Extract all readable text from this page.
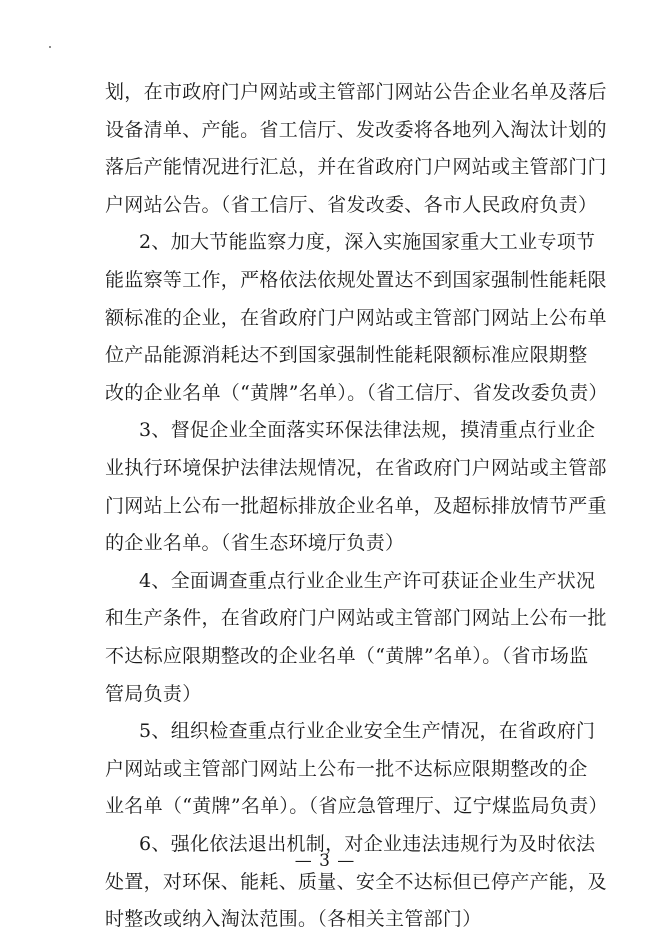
— 3 —
划，在市政府门户网站或主管部门网站公告企业名单及落后
设备清单、产能。省工信厅、发改委将各地列入淘汰计划的
落后产能情况进行汇总，并在省政府门户网站或主管部门门
户网站公告。（省工信厅、省发改委、各市人民政府负责）
2、加大节能监察力度，深入实施国家重大工业专项节
能监察等工作，严格依法依规处置达不到国家强制性能耗限
额标准的企业，在省政府门户网站或主管部门网站上公布单
位产品能源消耗达不到国家强制性能耗限额标准应限期整
改的企业名单（“黄牌”名单）。（省工信厅、省发改委负责）
3、督促企业全面落实环保法律法规，摸清重点行业企
业执行环境保护法律法规情况，在省政府门户网站或主管部
门网站上公布一批超标排放企业名单，及超标排放情节严重
的企业名单。（省生态环境厅负责）
4、全面调查重点行业企业生产许可获证企业生产状况
和生产条件，在省政府门户网站或主管部门网站上公布一批
不达标应限期整改的企业名单（“黄牌”名单）。（省市场监
管局负责）
5、组织检查重点行业企业安全生产情况，在省政府门
户网站或主管部门网站上公布一批不达标应限期整改的企
业名单（“黄牌”名单）。（省应急管理厅、辽宁煤监局负责）
6、强化依法退出机制，对企业违法违规行为及时依法
处置，对环保、能耗、质量、安全不达标但已停产产能，及
时整改或纳入淘汰范围。（各相关主管部门）
